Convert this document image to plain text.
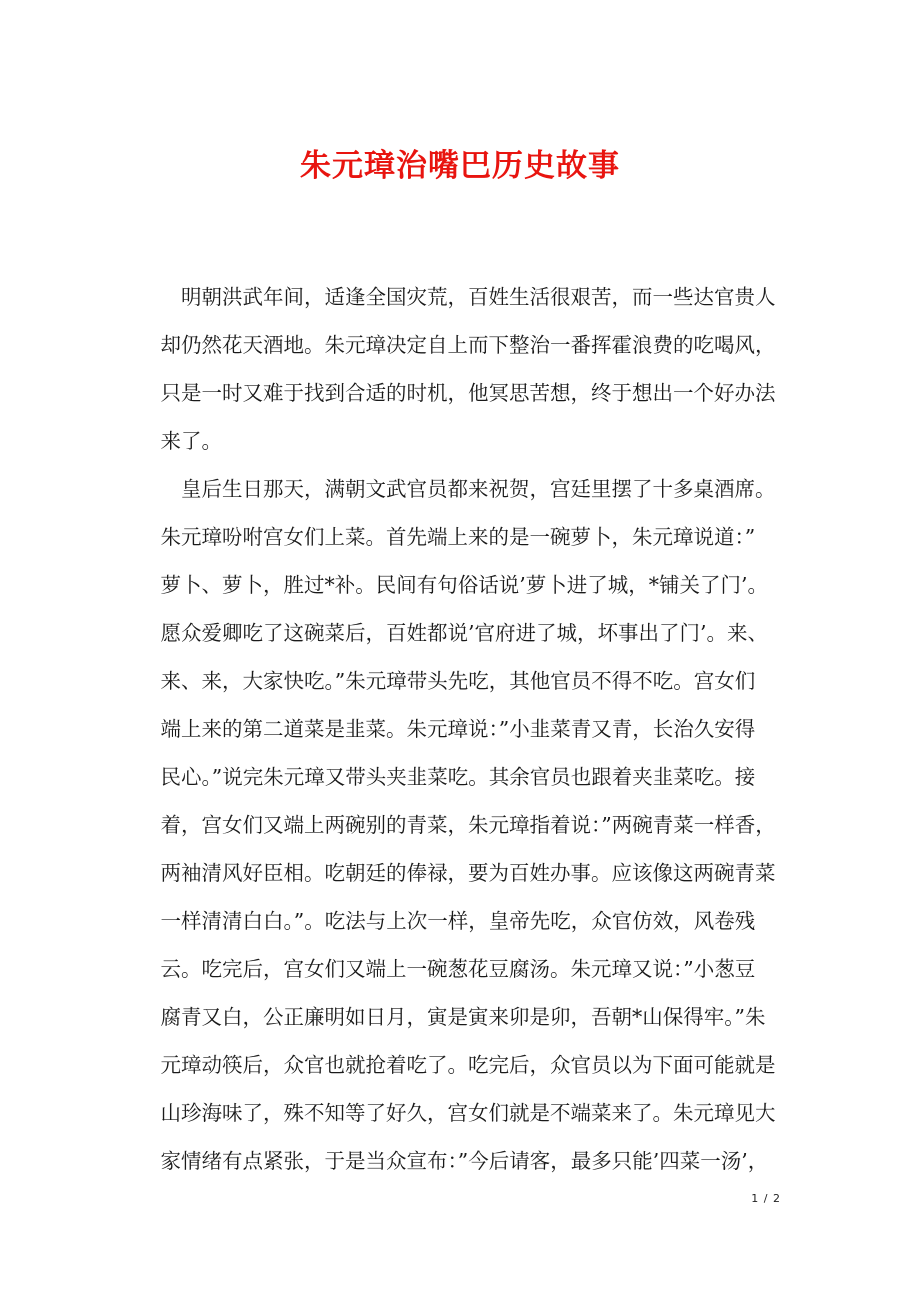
朱元璋治嘴巴历史故事

　明朝洪武年间，适逢全国灾荒，百姓生活很艰苦，而一些达官贵人
却仍然花天酒地。朱元璋决定自上而下整治一番挥霍浪费的吃喝风，
只是一时又难于找到合适的时机，他冥思苦想，终于想出一个好办法
来了。

　皇后生日那天，满朝文武官员都来祝贺，宫廷里摆了十多桌酒席。
朱元璋吩咐宫女们上菜。首先端上来的是一碗萝卜，朱元璋说道：”
萝卜、萝卜，胜过*补。民间有句俗话说’萝卜进了城，*铺关了门’。
愿众爱卿吃了这碗菜后，百姓都说’官府进了城，坏事出了门’。来、
来、来，大家快吃。”朱元璋带头先吃，其他官员不得不吃。宫女们
端上来的第二道菜是韭菜。朱元璋说：”小韭菜青又青，长治久安得
民心。”说完朱元璋又带头夹韭菜吃。其余官员也跟着夹韭菜吃。接
着，宫女们又端上两碗别的青菜，朱元璋指着说：”两碗青菜一样香，
两袖清风好臣相。吃朝廷的俸禄，要为百姓办事。应该像这两碗青菜
一样清清白白。”。吃法与上次一样，皇帝先吃，众官仿效，风卷残
云。吃完后，宫女们又端上一碗葱花豆腐汤。朱元璋又说：”小葱豆
腐青又白，公正廉明如日月，寅是寅来卯是卯，吾朝*山保得牢。”朱
元璋动筷后，众官也就抢着吃了。吃完后，众官员以为下面可能就是
山珍海味了，殊不知等了好久，宫女们就是不端菜来了。朱元璋见大
家情绪有点紧张，于是当众宣布：”今后请客，最多只能’四菜一汤’，

1 / 2
